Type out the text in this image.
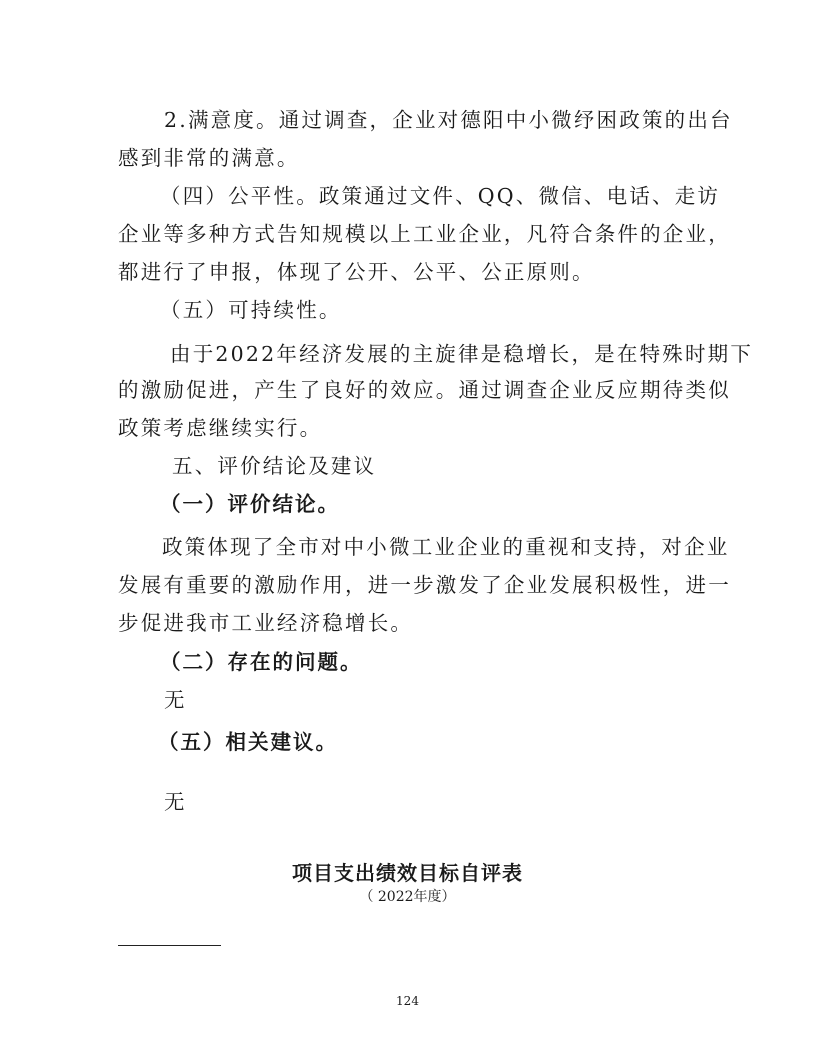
2.满意度。通过调查，企业对德阳中小微纾困政策的出台
感到非常的满意。
（四）公平性。政策通过文件、QQ、微信、电话、走访
企业等多种方式告知规模以上工业企业，凡符合条件的企业，
都进行了申报，体现了公开、公平、公正原则。
（五）可持续性。
由于2022年经济发展的主旋律是稳增长，是在特殊时期下
的激励促进，产生了良好的效应。通过调查企业反应期待类似
政策考虑继续实行。
五、评价结论及建议
（一）评价结论。
政策体现了全市对中小微工业企业的重视和支持，对企业
发展有重要的激励作用，进一步激发了企业发展积极性，进一
步促进我市工业经济稳增长。
（二）存在的问题。
无
（五）相关建议。
无
项目支出绩效目标自评表
（ 2022年度）
124
